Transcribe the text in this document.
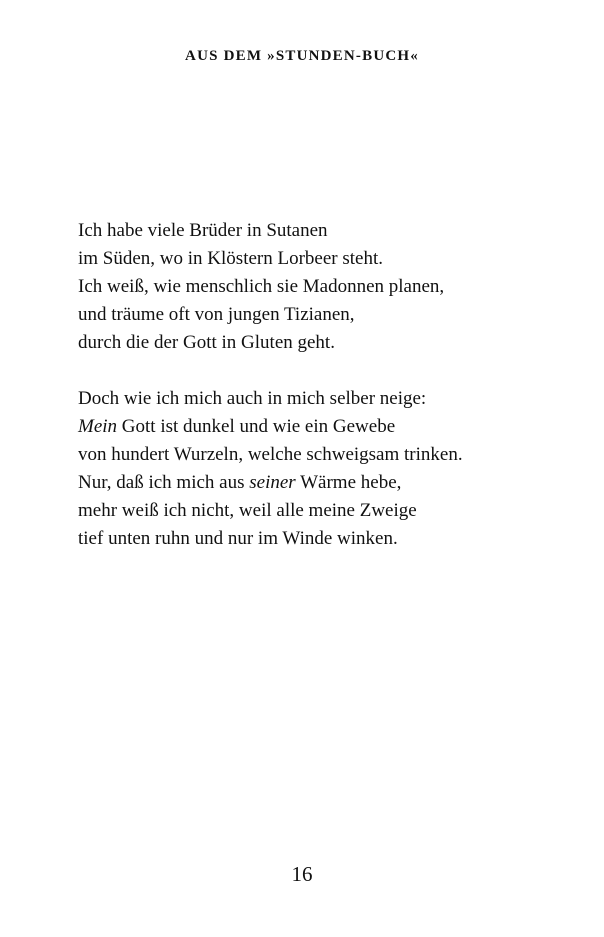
AUS DEM »STUNDEN-BUCH«

Ich habe viele Brüder in Sutanen
im Süden, wo in Klöstern Lorbeer steht.
Ich weiß, wie menschlich sie Madonnen planen,
und träume oft von jungen Tizianen,
durch die der Gott in Gluten geht.

Doch wie ich mich auch in mich selber neige:
Mein Gott ist dunkel und wie ein Gewebe
von hundert Wurzeln, welche schweigsam trinken.
Nur, daß ich mich aus seiner Wärme hebe,
mehr weiß ich nicht, weil alle meine Zweige
tief unten ruhn und nur im Winde winken.

16
